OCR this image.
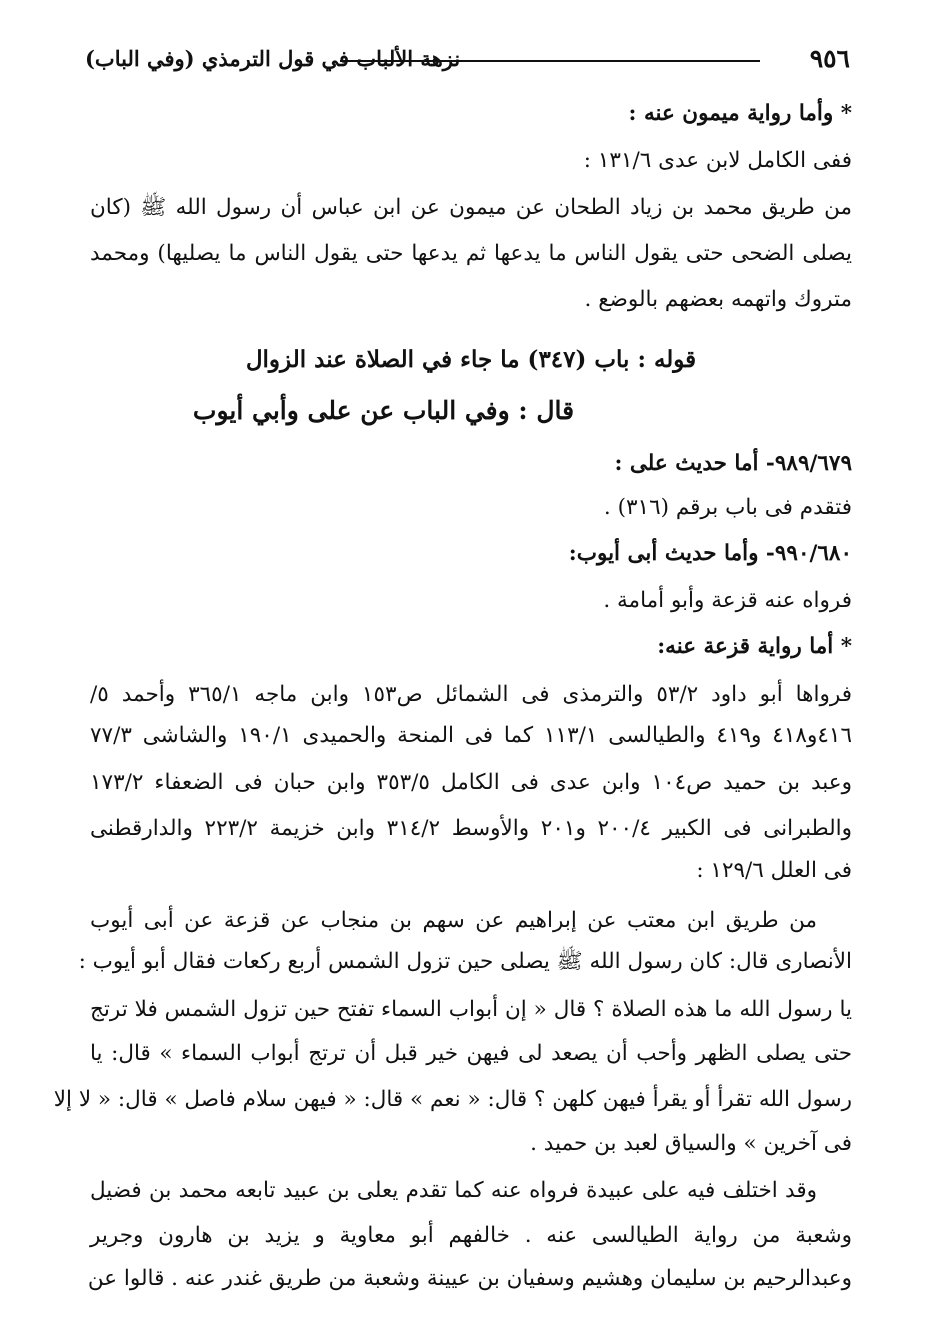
٩٥٦
نزهة الألباب في قول الترمذي (وفي الباب)
* وأما رواية ميمون عنه :
ففى الكامل لابن عدى ١٣١/٦ :
من طريق محمد بن زياد الطحان عن ميمون عن ابن عباس أن رسول الله ﷺ (كان
يصلى الضحى حتى يقول الناس ما يدعها ثم يدعها حتى يقول الناس ما يصليها) ومحمد
متروك واتهمه بعضهم بالوضع .
قوله : باب (٣٤٧) ما جاء في الصلاة عند الزوال
قال : وفي الباب عن على وأبي أيوب
٩٨٩/٦٧٩- أما حديث على :
فتقدم فى باب برقم (٣١٦) .
٩٩٠/٦٨٠- وأما حديث أبى أيوب:
فرواه عنه قزعة وأبو أمامة .
* أما رواية قزعة عنه:
فرواها أبو داود ٥٣/٢ والترمذى فى الشمائل ص١٥٣ وابن ماجه ٣٦٥/١ وأحمد ٥/
٤١٦و٤١٨ و٤١٩ والطيالسى ١١٣/١ كما فى المنحة والحميدى ١٩٠/١ والشاشى ٧٧/٣
وعبد بن حميد ص١٠٤ وابن عدى فى الكامل ٣٥٣/٥ وابن حبان فى الضعفاء ١٧٣/٢
والطبرانى فى الكبير ٢٠٠/٤ و٢٠١ والأوسط ٣١٤/٢ وابن خزيمة ٢٢٣/٢ والدارقطنى
فى العلل ١٢٩/٦ :
من طريق ابن معتب عن إبراهيم عن سهم بن منجاب عن قزعة عن أبى أيوب
الأنصارى قال: كان رسول الله ﷺ يصلى حين تزول الشمس أربع ركعات فقال أبو أيوب :
يا رسول الله ما هذه الصلاة ؟ قال « إن أبواب السماء تفتح حين تزول الشمس فلا ترتج
حتى يصلى الظهر وأحب أن يصعد لى فيهن خير قبل أن ترتج أبواب السماء » قال: يا
رسول الله تقرأ أو يقرأ فيهن كلهن ؟ قال: « نعم » قال: « فيهن سلام فاصل » قال: « لا إلا
فى آخرين » والسياق لعبد بن حميد .
وقد اختلف فيه على عبيدة فرواه عنه كما تقدم يعلى بن عبيد تابعه محمد بن فضيل
وشعبة من رواية الطيالسى عنه . خالفهم أبو معاوية و يزيد بن هارون وجرير
وعبدالرحيم بن سليمان وهشيم وسفيان بن عيينة وشعبة من طريق غندر عنه . قالوا عن
